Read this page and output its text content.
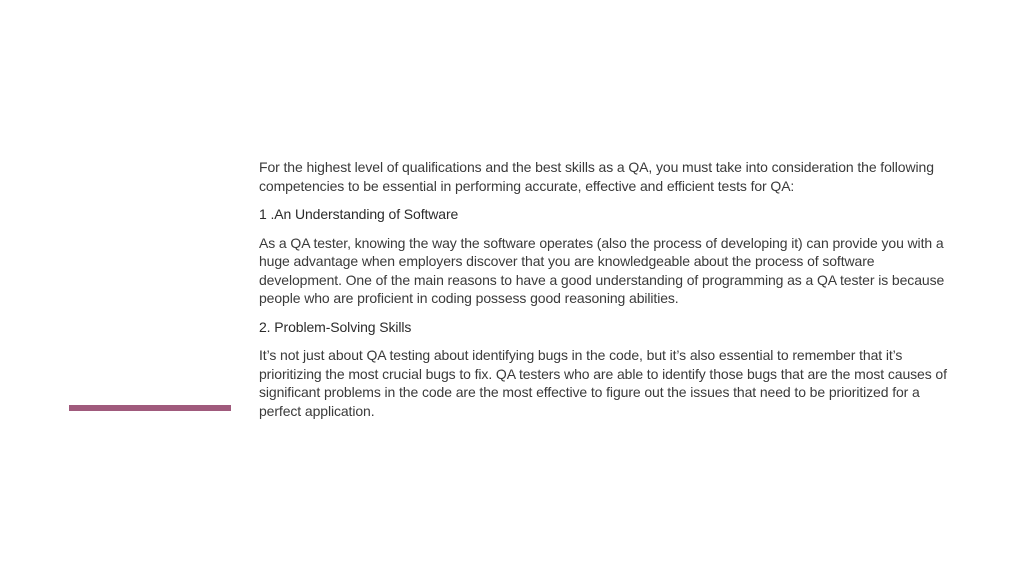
For the highest level of qualifications and the best skills as a QA, you must take into consideration the following competencies to be essential in performing accurate, effective and efficient tests for QA:

1 .An Understanding of Software

As a QA tester, knowing the way the software operates (also the process of developing it) can provide you with a huge advantage when employers discover that you are knowledgeable about the process of software development. One of the main reasons to have a good understanding of programming as a QA tester is because people who are proficient in coding possess good reasoning abilities.

2. Problem-Solving Skills

It’s not just about QA testing about identifying bugs in the code, but it’s also essential to remember that it’s prioritizing the most crucial bugs to fix. QA testers who are able to identify those bugs that are the most causes of significant problems in the code are the most effective to figure out the issues that need to be prioritized for a perfect application.
